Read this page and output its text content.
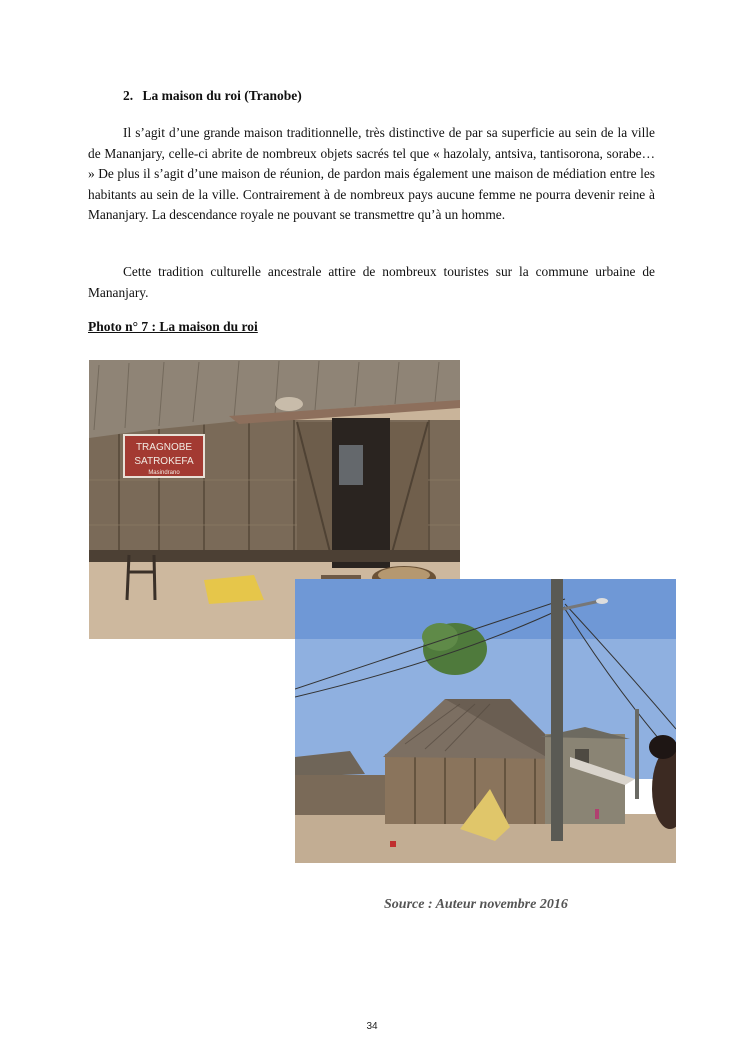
2. La maison du roi (Tranobe)

Il s’agit d’une grande maison traditionnelle, très distinctive de par sa superficie au sein de la ville de Mananjary, celle-ci abrite de nombreux objets sacrés tel que « hazolaly, antsiva, tantisorona, sorabe… » De plus il s’agit d’une maison de réunion, de pardon mais également une maison de médiation entre les habitants au sein de la ville. Contrairement à de nombreux pays aucune femme ne pourra devenir reine à Mananjary. La descendance royale ne pouvant se transmettre qu’à un homme.

Cette tradition culturelle ancestrale attire de nombreux touristes sur la commune urbaine de Mananjary.

Photo n° 7 : La maison du roi
TRAGNOBE
SATROKEFA
Masindrano
Source : Auteur novembre 2016
34
